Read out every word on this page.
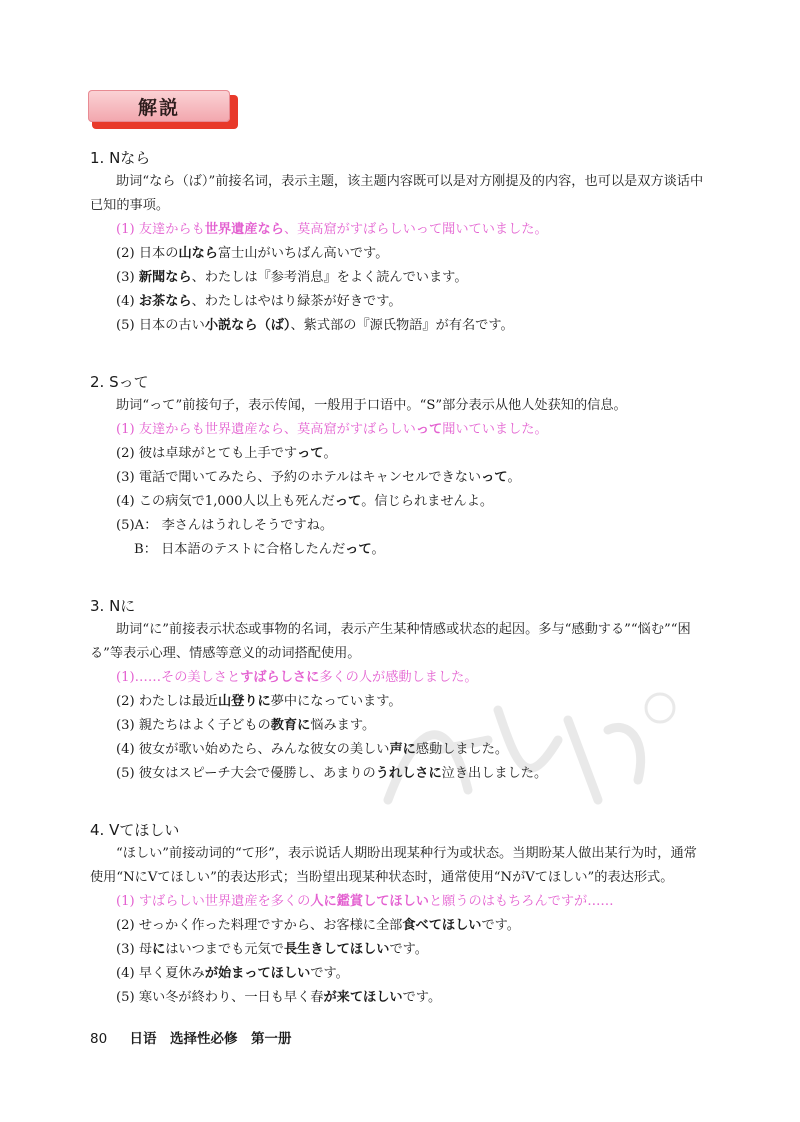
解説
1. Nなら

助词“なら（ば）”前接名词，表示主题，该主题内容既可以是对方刚提及的内容，也可以是双方谈话中已知的事项。

(1) 友達からも世界遺産なら、莫高窟がすばらしいって聞いていました。

(2) 日本の山なら富士山がいちばん高いです。

(3) 新聞なら、わたしは『参考消息』をよく読んでいます。

(4) お茶なら、わたしはやはり緑茶が好きです。

(5) 日本の古い小説なら（ば）、紫式部の『源氏物語』が有名です。

2. Sって

助词“って”前接句子，表示传闻，一般用于口语中。“S”部分表示从他人处获知的信息。

(1) 友達からも世界遺産なら、莫高窟がすばらしいって聞いていました。

(2) 彼は卓球がとても上手ですって。

(3) 電話で聞いてみたら、予約のホテルはキャンセルできないって。

(4) この病気で1,000人以上も死んだって。信じられませんよ。

(5)A： 李さんはうれしそうですね。

B： 日本語のテストに合格したんだって。

3. Nに

助词“に”前接表示状态或事物的名词，表示产生某种情感或状态的起因。多与“感動する”“悩む”“困る”等表示心理、情感等意义的动词搭配使用。

(1)……その美しさとすばらしさに多くの人が感動しました。

(2) わたしは最近山登りに夢中になっています。

(3) 親たちはよく子どもの教育に悩みます。

(4) 彼女が歌い始めたら、みんな彼女の美しい声に感動しました。

(5) 彼女はスピーチ大会で優勝し、あまりのうれしさに泣き出しました。

4. Vてほしい

“ほしい”前接动词的“て形”，表示说话人期盼出现某种行为或状态。当期盼某人做出某行为时，通常使用“NにVてほしい”的表达形式；当盼望出现某种状态时，通常使用“NがVてほしい”的表达形式。

(1) すばらしい世界遺産を多くの人に鑑賞してほしいと願うのはもちろんですが……

(2) せっかく作った料理ですから、お客様に全部食べてほしいです。

(3) 母にはいつまでも元気で長生きしてほしいです。

(4) 早く夏休みが始まってほしいです。

(5) 寒い冬が終わり、一日も早く春が来てほしいです。

80 日语　选择性必修　第一册
